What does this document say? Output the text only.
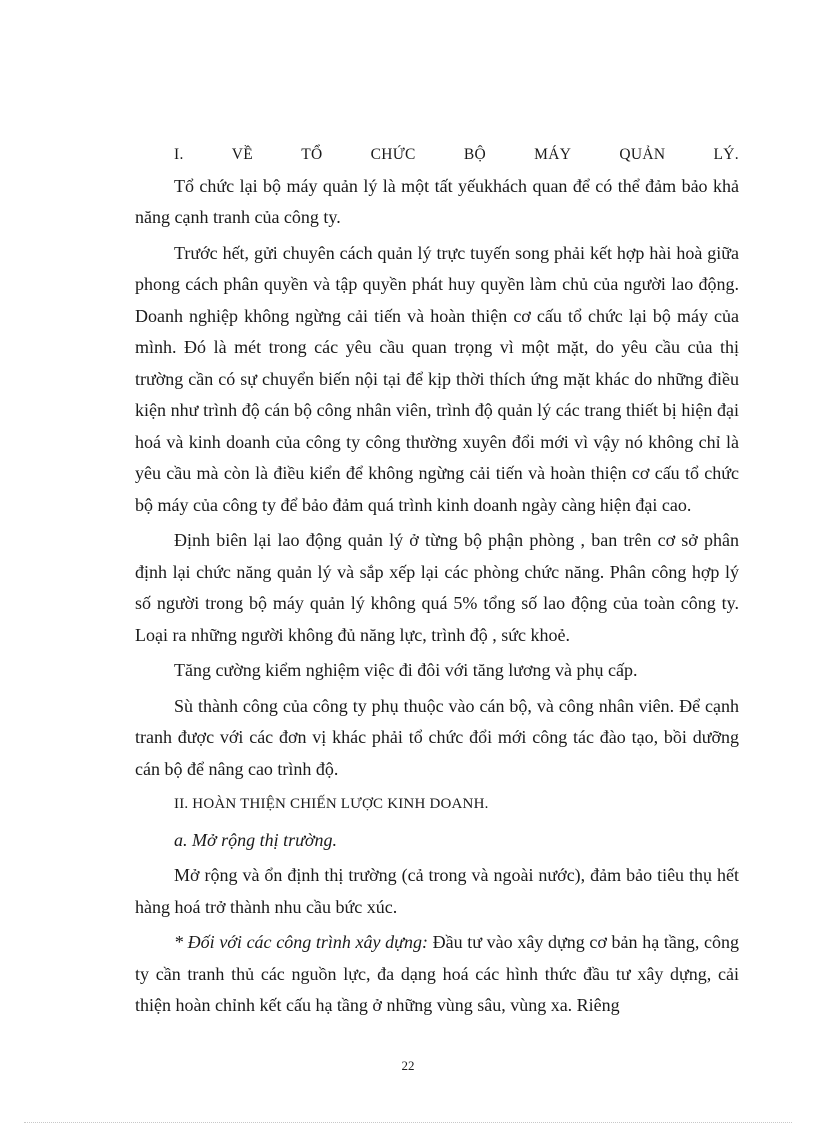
I.	VỀ	TỔ	CHỨC	BỘ	MÁY	QUẢN	LÝ.

Tổ chức lại bộ máy quản lý là một tất yếukhách quan để có thể đảm bảo khả năng cạnh tranh của công ty.

Trước hết, gửi chuyên cách quản lý trực tuyến song phải kết hợp hài hoà giữa phong cách phân quyền và tập quyền phát huy quyền làm chủ của người lao động. Doanh nghiệp không ngừng cải tiến và hoàn thiện cơ cấu tổ chức lại bộ máy của mình. Đó là mét trong các yêu cầu quan trọng vì một mặt, do yêu cầu của thị trường cần có sự chuyển biến nội tại để kịp thời thích ứng mặt khác do những điều kiện như trình độ cán bộ công nhân viên, trình độ quản lý các trang thiết bị hiện đại hoá và kinh doanh của công ty công thường xuyên đổi mới vì vậy nó không chỉ là yêu cầu mà còn là điều kiển để không ngừng cải tiến và hoàn thiện cơ cấu tổ chức bộ máy của công ty để bảo đảm quá trình kinh doanh ngày càng hiện đại cao.

Định biên lại lao động quản lý ở từng bộ phận phòng , ban trên cơ sở phân định lại chức năng quản lý và sắp xếp lại các phòng chức năng. Phân công hợp lý số người trong bộ máy quản lý không quá 5% tổng số lao động của toàn công ty. Loại ra những người không đủ năng lực, trình độ , sức khoẻ.

Tăng cường kiểm nghiệm việc đi đôi với tăng lương và phụ cấp.

Sù thành công của công ty phụ thuộc vào cán bộ, và công nhân viên. Để cạnh tranh được với các đơn vị khác phải tổ chức đổi mới công tác đào tạo, bồi dưỡng cán bộ để nâng cao trình độ.

II. HOÀN THIỆN CHIẾN LƯỢC KINH DOANH.
a. Mở rộng thị trường.

Mở rộng và ổn định thị trường (cả trong và ngoài nước), đảm bảo tiêu thụ hết hàng hoá trở thành nhu cầu bức xúc.

* Đối với các công trình xây dựng: Đầu tư vào xây dựng cơ bản hạ tầng, công ty cần tranh thủ các nguồn lực, đa dạng hoá các hình thức đầu tư xây dựng, cải thiện hoàn chỉnh kết cấu hạ tầng ở những vùng sâu, vùng xa. Riêng

22
